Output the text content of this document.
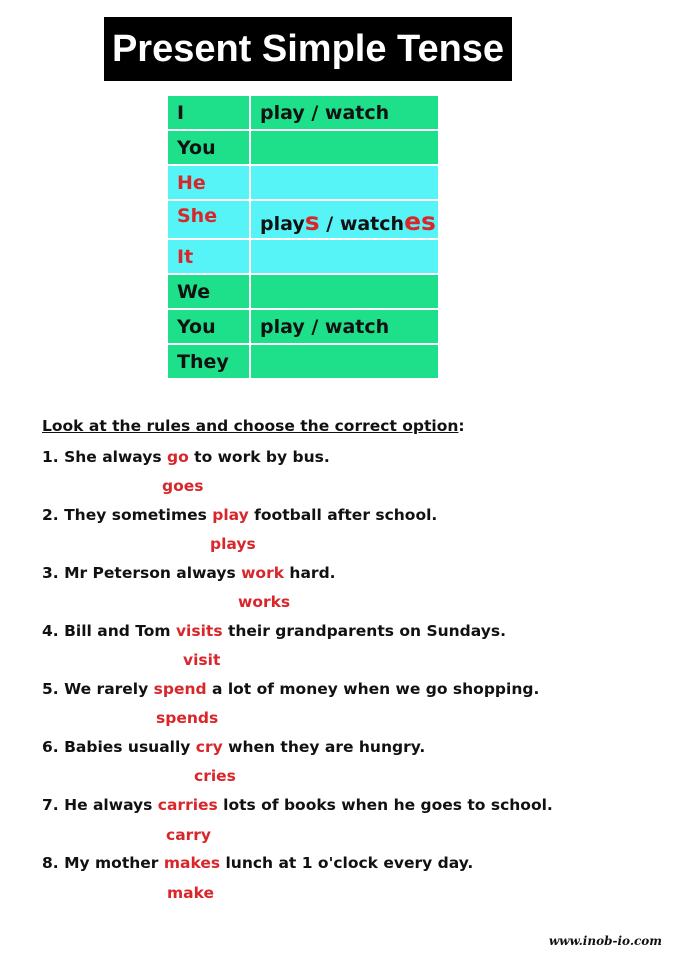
Present Simple Tense
I	play / watch
You	
He	
She	plays / watches
It	
We	
You	play / watch
They	
Look at the rules and choose the correct option:
1. She always go to work by bus.
goes
2. They sometimes play football after school.
plays
3. Mr Peterson always work hard.
works
4. Bill and Tom visits their grandparents on Sundays.
visit
5. We rarely spend a lot of money when we go shopping.
spends
6. Babies usually cry when they are hungry.
cries
7. He always carries lots of books when he goes to school.
carry
8. My mother makes lunch at 1 o'clock every day.
make
www.inob-io.com
